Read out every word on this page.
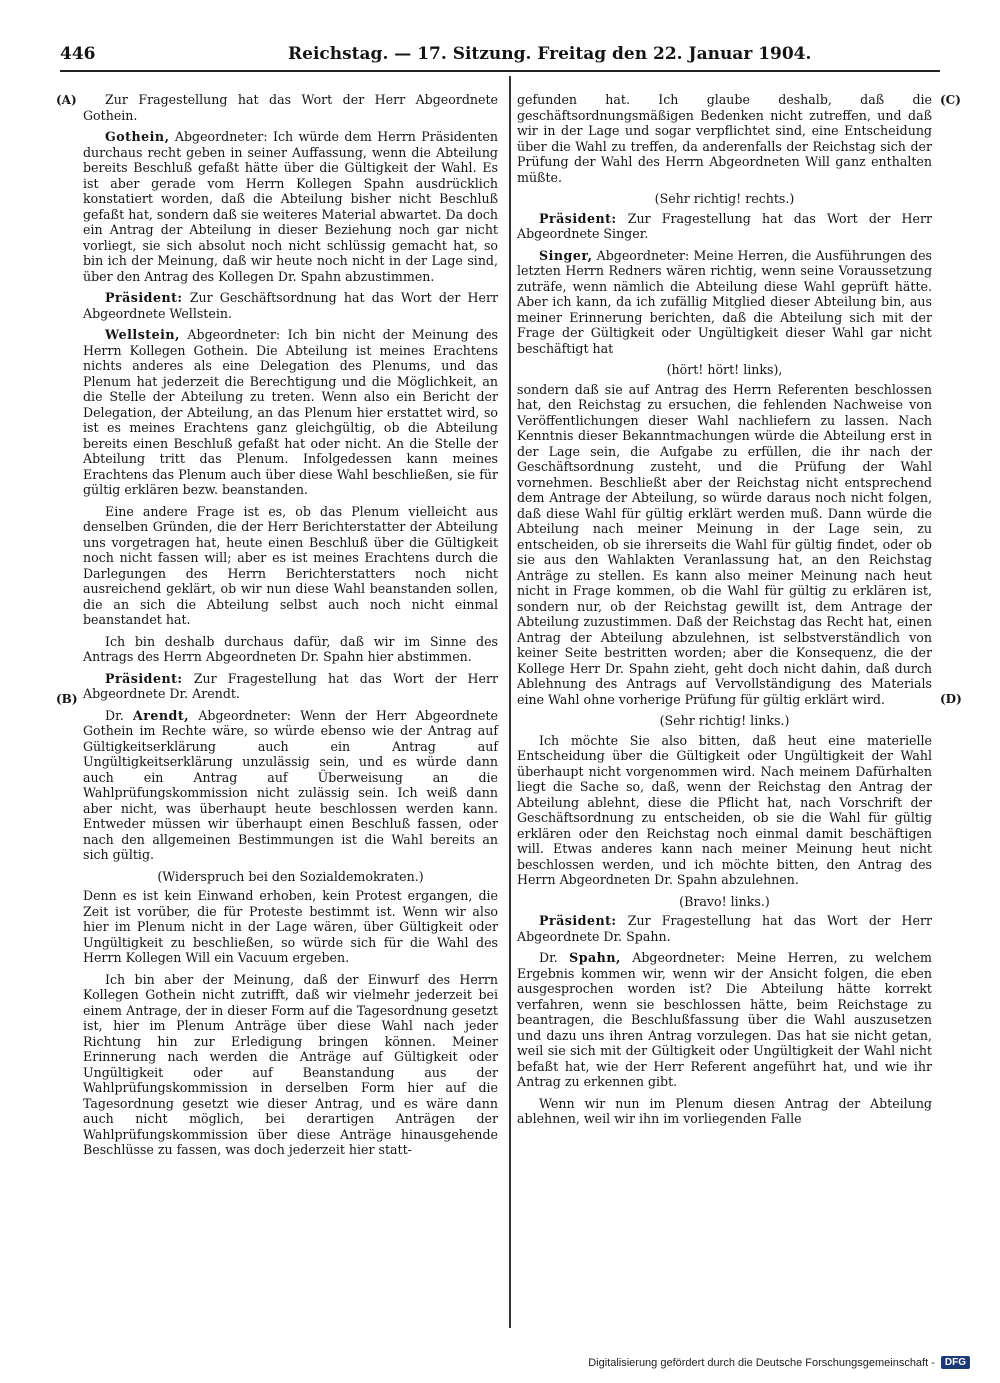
446	Reichstag. — 17. Sitzung. Freitag den 22. Januar 1904.
(A)	(C)
(B)	(D)

Zur Fragestellung hat das Wort der Herr Abgeordnete Gothein.

Gothein, Abgeordneter: Ich würde dem Herrn Präsidenten durchaus recht geben in seiner Auffassung, wenn die Abteilung bereits Beschluß gefaßt hätte über die Gültigkeit der Wahl. Es ist aber gerade vom Herrn Kollegen Spahn ausdrücklich konstatiert worden, daß die Abteilung bisher nicht Beschluß gefaßt hat, sondern daß sie weiteres Material abwartet. Da doch ein Antrag der Abteilung in dieser Beziehung noch gar nicht vorliegt, sie sich absolut noch nicht schlüssig gemacht hat, so bin ich der Meinung, daß wir heute noch nicht in der Lage sind, über den Antrag des Kollegen Dr. Spahn abzustimmen.

Präsident: Zur Geschäftsordnung hat das Wort der Herr Abgeordnete Wellstein.

Wellstein, Abgeordneter: Ich bin nicht der Meinung des Herrn Kollegen Gothein. Die Abteilung ist meines Erachtens nichts anderes als eine Delegation des Plenums, und das Plenum hat jederzeit die Berechtigung und die Möglichkeit, an die Stelle der Abteilung zu treten. Wenn also ein Bericht der Delegation, der Abteilung, an das Plenum hier erstattet wird, so ist es meines Erachtens ganz gleichgültig, ob die Abteilung bereits einen Beschluß gefaßt hat oder nicht. An die Stelle der Abteilung tritt das Plenum. Infolgedessen kann meines Erachtens das Plenum auch über diese Wahl beschließen, sie für gültig erklären bezw. beanstanden.

Eine andere Frage ist es, ob das Plenum vielleicht aus denselben Gründen, die der Herr Berichterstatter der Abteilung uns vorgetragen hat, heute einen Beschluß über die Gültigkeit noch nicht fassen will; aber es ist meines Erachtens durch die Darlegungen des Herrn Berichterstatters noch nicht ausreichend geklärt, ob wir nun diese Wahl beanstanden sollen, die an sich die Abteilung selbst auch noch nicht einmal beanstandet hat.

Ich bin deshalb durchaus dafür, daß wir im Sinne des Antrags des Herrn Abgeordneten Dr. Spahn hier abstimmen.

Präsident: Zur Fragestellung hat das Wort der Herr Abgeordnete Dr. Arendt.

Dr. Arendt, Abgeordneter: Wenn der Herr Abgeordnete Gothein im Rechte wäre, so würde ebenso wie der Antrag auf Gültigkeitserklärung auch ein Antrag auf Ungültigkeitserklärung unzulässig sein, und es würde dann auch ein Antrag auf Überweisung an die Wahlprüfungskommission nicht zulässig sein. Ich weiß dann aber nicht, was überhaupt heute beschlossen werden kann. Entweder müssen wir überhaupt einen Beschluß fassen, oder nach den allgemeinen Bestimmungen ist die Wahl bereits an sich gültig.

(Widerspruch bei den Sozialdemokraten.)

Denn es ist kein Einwand erhoben, kein Protest ergangen, die Zeit ist vorüber, die für Proteste bestimmt ist. Wenn wir also hier im Plenum nicht in der Lage wären, über Gültigkeit oder Ungültigkeit zu beschließen, so würde sich für die Wahl des Herrn Kollegen Will ein Vacuum ergeben.

Ich bin aber der Meinung, daß der Einwurf des Herrn Kollegen Gothein nicht zutrifft, daß wir vielmehr jederzeit bei einem Antrage, der in dieser Form auf die Tagesordnung gesetzt ist, hier im Plenum Anträge über diese Wahl nach jeder Richtung hin zur Erledigung bringen können. Meiner Erinnerung nach werden die Anträge auf Gültigkeit oder Ungültigkeit oder auf Beanstandung aus der Wahlprüfungskommission in derselben Form hier auf die Tagesordnung gesetzt wie dieser Antrag, und es wäre dann auch nicht möglich, bei derartigen Anträgen der Wahlprüfungskommission über diese Anträge hinausgehende Beschlüsse zu fassen, was doch jederzeit hier statt-

gefunden hat. Ich glaube deshalb, daß die geschäftsordnungsmäßigen Bedenken nicht zutreffen, und daß wir in der Lage und sogar verpflichtet sind, eine Entscheidung über die Wahl zu treffen, da anderenfalls der Reichstag sich der Prüfung der Wahl des Herrn Abgeordneten Will ganz enthalten müßte.

(Sehr richtig! rechts.)

Präsident: Zur Fragestellung hat das Wort der Herr Abgeordnete Singer.

Singer, Abgeordneter: Meine Herren, die Ausführungen des letzten Herrn Redners wären richtig, wenn seine Voraussetzung zuträfe, wenn nämlich die Abteilung diese Wahl geprüft hätte. Aber ich kann, da ich zufällig Mitglied dieser Abteilung bin, aus meiner Erinnerung berichten, daß die Abteilung sich mit der Frage der Gültigkeit oder Ungültigkeit dieser Wahl gar nicht beschäftigt hat

(hört! hört! links),

sondern daß sie auf Antrag des Herrn Referenten beschlossen hat, den Reichstag zu ersuchen, die fehlenden Nachweise von Veröffentlichungen dieser Wahl nachliefern zu lassen. Nach Kenntnis dieser Bekanntmachungen würde die Abteilung erst in der Lage sein, die Aufgabe zu erfüllen, die ihr nach der Geschäftsordnung zusteht, und die Prüfung der Wahl vornehmen. Beschließt aber der Reichstag nicht entsprechend dem Antrage der Abteilung, so würde daraus noch nicht folgen, daß diese Wahl für gültig erklärt werden muß. Dann würde die Abteilung nach meiner Meinung in der Lage sein, zu entscheiden, ob sie ihrerseits die Wahl für gültig findet, oder ob sie aus den Wahlakten Veranlassung hat, an den Reichstag Anträge zu stellen. Es kann also meiner Meinung nach heut nicht in Frage kommen, ob die Wahl für gültig zu erklären ist, sondern nur, ob der Reichstag gewillt ist, dem Antrage der Abteilung zuzustimmen. Daß der Reichstag das Recht hat, einen Antrag der Abteilung abzulehnen, ist selbstverständlich von keiner Seite bestritten worden; aber die Konsequenz, die der Kollege Herr Dr. Spahn zieht, geht doch nicht dahin, daß durch Ablehnung des Antrags auf Vervollständigung des Materials eine Wahl ohne vorherige Prüfung für gültig erklärt wird.

(Sehr richtig! links.)

Ich möchte Sie also bitten, daß heut eine materielle Entscheidung über die Gültigkeit oder Ungültigkeit der Wahl überhaupt nicht vorgenommen wird. Nach meinem Dafürhalten liegt die Sache so, daß, wenn der Reichstag den Antrag der Abteilung ablehnt, diese die Pflicht hat, nach Vorschrift der Geschäftsordnung zu entscheiden, ob sie die Wahl für gültig erklären oder den Reichstag noch einmal damit beschäftigen will. Etwas anderes kann nach meiner Meinung heut nicht beschlossen werden, und ich möchte bitten, den Antrag des Herrn Abgeordneten Dr. Spahn abzulehnen.

(Bravo! links.)

Präsident: Zur Fragestellung hat das Wort der Herr Abgeordnete Dr. Spahn.

Dr. Spahn, Abgeordneter: Meine Herren, zu welchem Ergebnis kommen wir, wenn wir der Ansicht folgen, die eben ausgesprochen worden ist? Die Abteilung hätte korrekt verfahren, wenn sie beschlossen hätte, beim Reichstage zu beantragen, die Beschlußfassung über die Wahl auszusetzen und dazu uns ihren Antrag vorzulegen. Das hat sie nicht getan, weil sie sich mit der Gültigkeit oder Ungültigkeit der Wahl nicht befaßt hat, wie der Herr Referent angeführt hat, und wie ihr Antrag zu erkennen gibt.

Wenn wir nun im Plenum diesen Antrag der Abteilung ablehnen, weil wir ihn im vorliegenden Falle

Digitalisierung gefördert durch die Deutsche Forschungsgemeinschaft -	DFG
